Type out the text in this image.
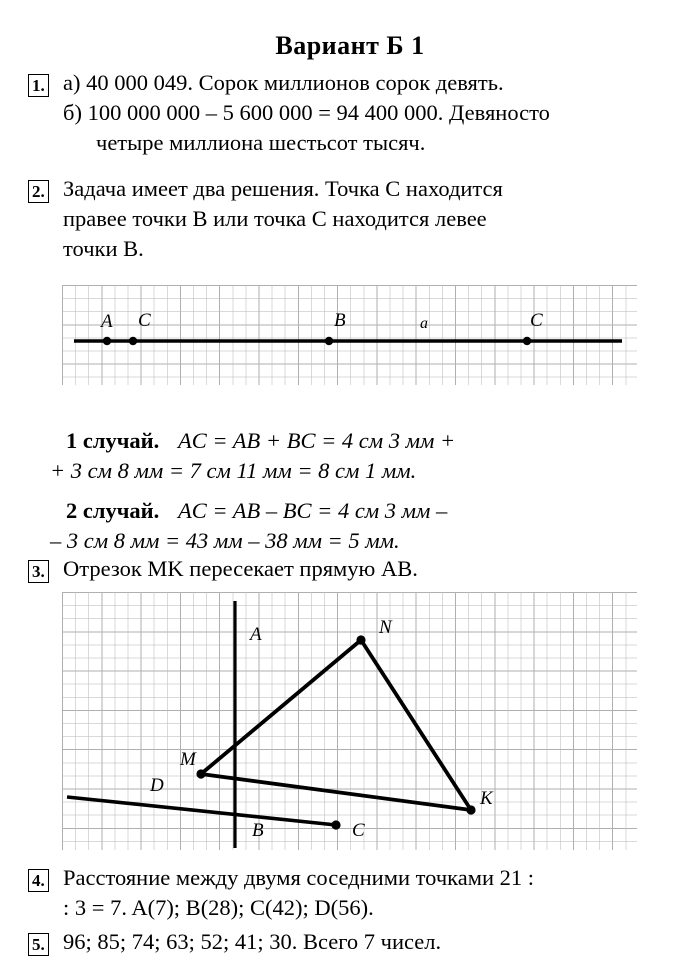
Вариант Б 1
1. а) 40 000 049. Сорок миллионов сорок девять.
б) 100 000 000 – 5 600 000 = 94 400 000. Девяносто
четыре миллиона шестьсот тысяч.
2. Задача имеет два решения. Точка C находится
правее точки B или точка C находится левее
точки B.
A C	B	a	C
1 случай. AC = AB + BC = 4 см 3 мм +
+ 3 см 8 мм = 7 см 11 мм = 8 см 1 мм.
2 случай. AC = AB – BC = 4 см 3 мм –
– 3 см 8 мм = 43 мм – 38 мм = 5 мм.
3. Отрезок MK пересекает прямую AB.
A	N
M
D
B	C
K
4. Расстояние между двумя соседними точками 21 :
: 3 = 7. A(7); B(28); C(42); D(56).
5. 96; 85; 74; 63; 52; 41; 30. Всего 7 чисел.
